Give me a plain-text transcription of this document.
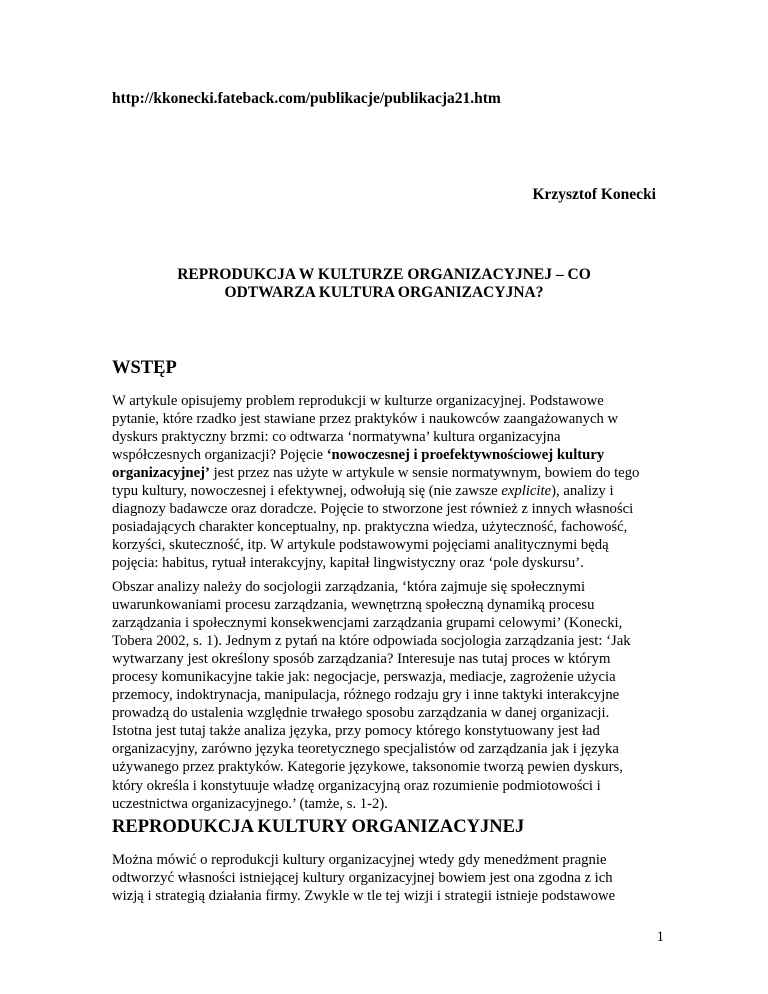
http://kkonecki.fateback.com/publikacje/publikacja21.htm
Krzysztof Konecki
REPRODUKCJA W KULTURZE ORGANIZACYJNEJ – CO
ODTWARZA KULTURA ORGANIZACYJNA?
WSTĘP
W artykule opisujemy problem reprodukcji w kulturze organizacyjnej. Podstawowe
pytanie, które rzadko jest stawiane przez praktyków i naukowców zaangażowanych w
dyskurs praktyczny brzmi: co odtwarza ‘normatywna’ kultura organizacyjna
współczesnych organizacji? Pojęcie ‘nowoczesnej i proefektywnościowej kultury
organizacyjnej’ jest przez nas użyte w artykule w sensie normatywnym, bowiem do tego
typu kultury, nowoczesnej i efektywnej, odwołują się (nie zawsze explicite), analizy i
diagnozy badawcze oraz doradcze. Pojęcie to stworzone jest również z innych własności
posiadających charakter konceptualny, np. praktyczna wiedza, użyteczność, fachowość,
korzyści, skuteczność, itp. W artykule podstawowymi pojęciami analitycznymi będą
pojęcia: habitus, rytuał interakcyjny, kapitał lingwistyczny oraz ‘pole dyskursu’.
Obszar analizy należy do socjologii zarządzania, ‘która zajmuje się społecznymi
uwarunkowaniami procesu zarządzania, wewnętrzną społeczną dynamiką procesu
zarządzania i społecznymi konsekwencjami zarządzania grupami celowymi’ (Konecki,
Tobera 2002, s. 1). Jednym z pytań na które odpowiada socjologia zarządzania jest: ‘Jak
wytwarzany jest określony sposób zarządzania? Interesuje nas tutaj proces w którym
procesy komunikacyjne takie jak: negocjacje, perswazja, mediacje, zagrożenie użycia
przemocy, indoktrynacja, manipulacja, różnego rodzaju gry i inne taktyki interakcyjne
prowadzą do ustalenia względnie trwałego sposobu zarządzania w danej organizacji.
Istotna jest tutaj także analiza języka, przy pomocy którego konstytuowany jest ład
organizacyjny, zarówno języka teoretycznego specjalistów od zarządzania jak i języka
używanego przez praktyków. Kategorie językowe, taksonomie tworzą pewien dyskurs,
który określa i konstytuuje władzę organizacyjną oraz rozumienie podmiotowości i
uczestnictwa organizacyjnego.’ (tamże, s. 1-2).
REPRODUKCJA KULTURY ORGANIZACYJNEJ
Można mówić o reprodukcji kultury organizacyjnej wtedy gdy menedżment pragnie
odtworzyć własności istniejącej kultury organizacyjnej bowiem jest ona zgodna z ich
wizją i strategią działania firmy. Zwykle w tle tej wizji i strategii istnieje podstawowe
1
